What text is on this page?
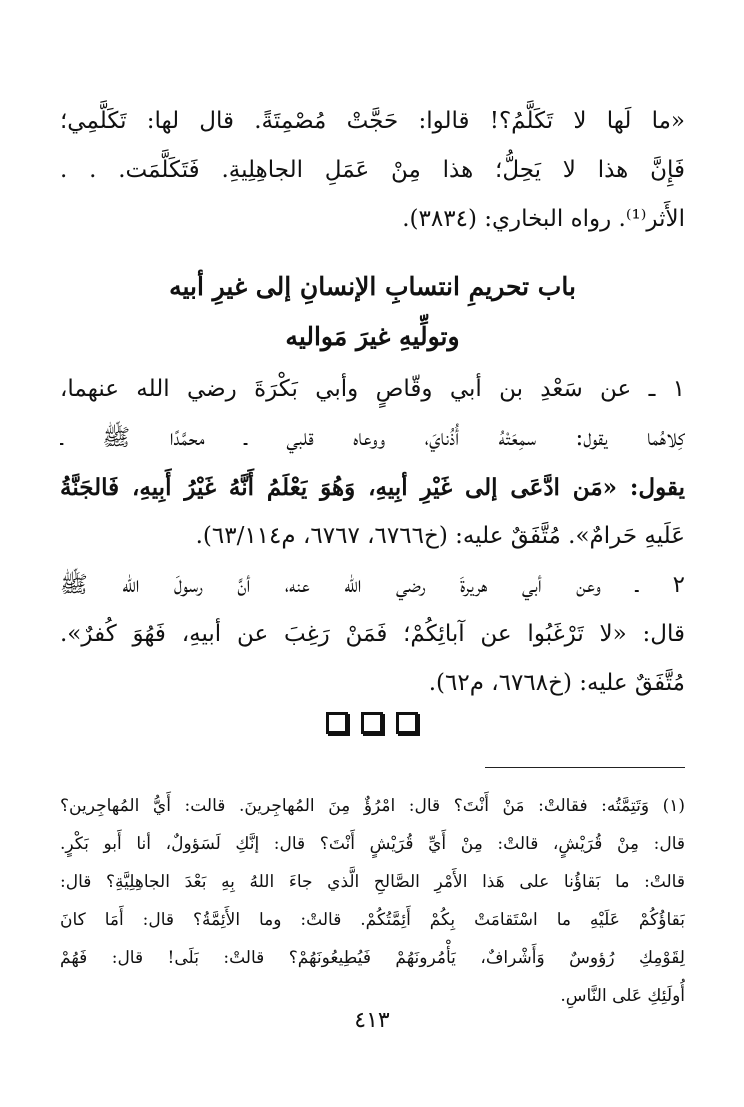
«ما لَها لا تَكَلَّمُ؟! قالوا: حَجَّتْ مُصْمِتَةً. قال لها: تَكَلَّمِي؛
فَإِنَّ هذا لا يَحِلُّ؛ هذا مِنْ عَمَلِ الجاهِلِيةِ. فَتَكَلَّمَت. . .
الأَثر⁽¹⁾. رواه البخاري: (٣٨٣٤).
باب تحريمِ انتسابِ الإنسانِ إلى غيرِ أبيه
وتولِّيهِ غيرَ مَواليه
١ ـ عن سَعْدِ بن أبي وقّاصٍ وأبي بَكْرَةَ رضي الله عنهما،
كِلاهُما يقول: سمِعَتْهُ أُذُنايَ، ووعاه قلبي ـ محمَّدًا ﷺ ـ
يقول: «مَن ادَّعَى إلى غَيْرِ أبِيهِ، وَهُوَ يَعْلَمُ أَنَّهُ غَيْرُ أَبِيهِ، فَالجَنَّةُ
عَلَيهِ حَرامٌ». مُتَّفَقٌ عليه: (خ٦٧٦٦، ٦٧٦٧، م٦٣/١١٤).
٢ ـ وعن أبي هريرةَ رضي الله عنه، أنَّ رسولَ الله ﷺ
قال: «لا تَرْغَبُوا عن آبائِكُمْ؛ فَمَنْ رَغِبَ عن أبيهِ، فَهُوَ كُفرٌ».
مُتَّفَقٌ عليه: (خ٦٧٦٨، م٦٢).

(١) وَتَتِمَّتُه: فقالتْ: مَنْ أَنْتَ؟ قال: امْرُؤٌ مِنَ المُهاجِرينَ. قالت: أَيُّ المُهاجِرين؟
قال: مِنْ قُرَيْشٍ، قالتْ: مِنْ أَيِّ قُرَيْشٍ أَنْتَ؟ قال: إنَّكِ لَسَؤولٌ، أنا أَبو بَكْرٍ.
قالتْ: ما بَقاؤُنا على هَذا الأَمْرِ الصَّالحِ الَّذي جاءَ اللهُ بِهِ بَعْدَ الجاهِلِيَّةِ؟ قال:
بَقاؤُكُمْ عَلَيْهِ ما اسْتَقامَتْ بِكُمْ أَئِمَّتُكُمْ. قالتْ: وما الأَئِمَّةُ؟ قال: أَمَا كانَ
لِقَوْمِكِ رُؤوسٌ وَأَشْرافٌ، يَأْمُرونَهُمْ فَيُطِيعُونَهُمْ؟ قالتْ: بَلَى! قال: فَهُمْ
أُولَئِكِ عَلى النَّاسِ.
٤١٣
